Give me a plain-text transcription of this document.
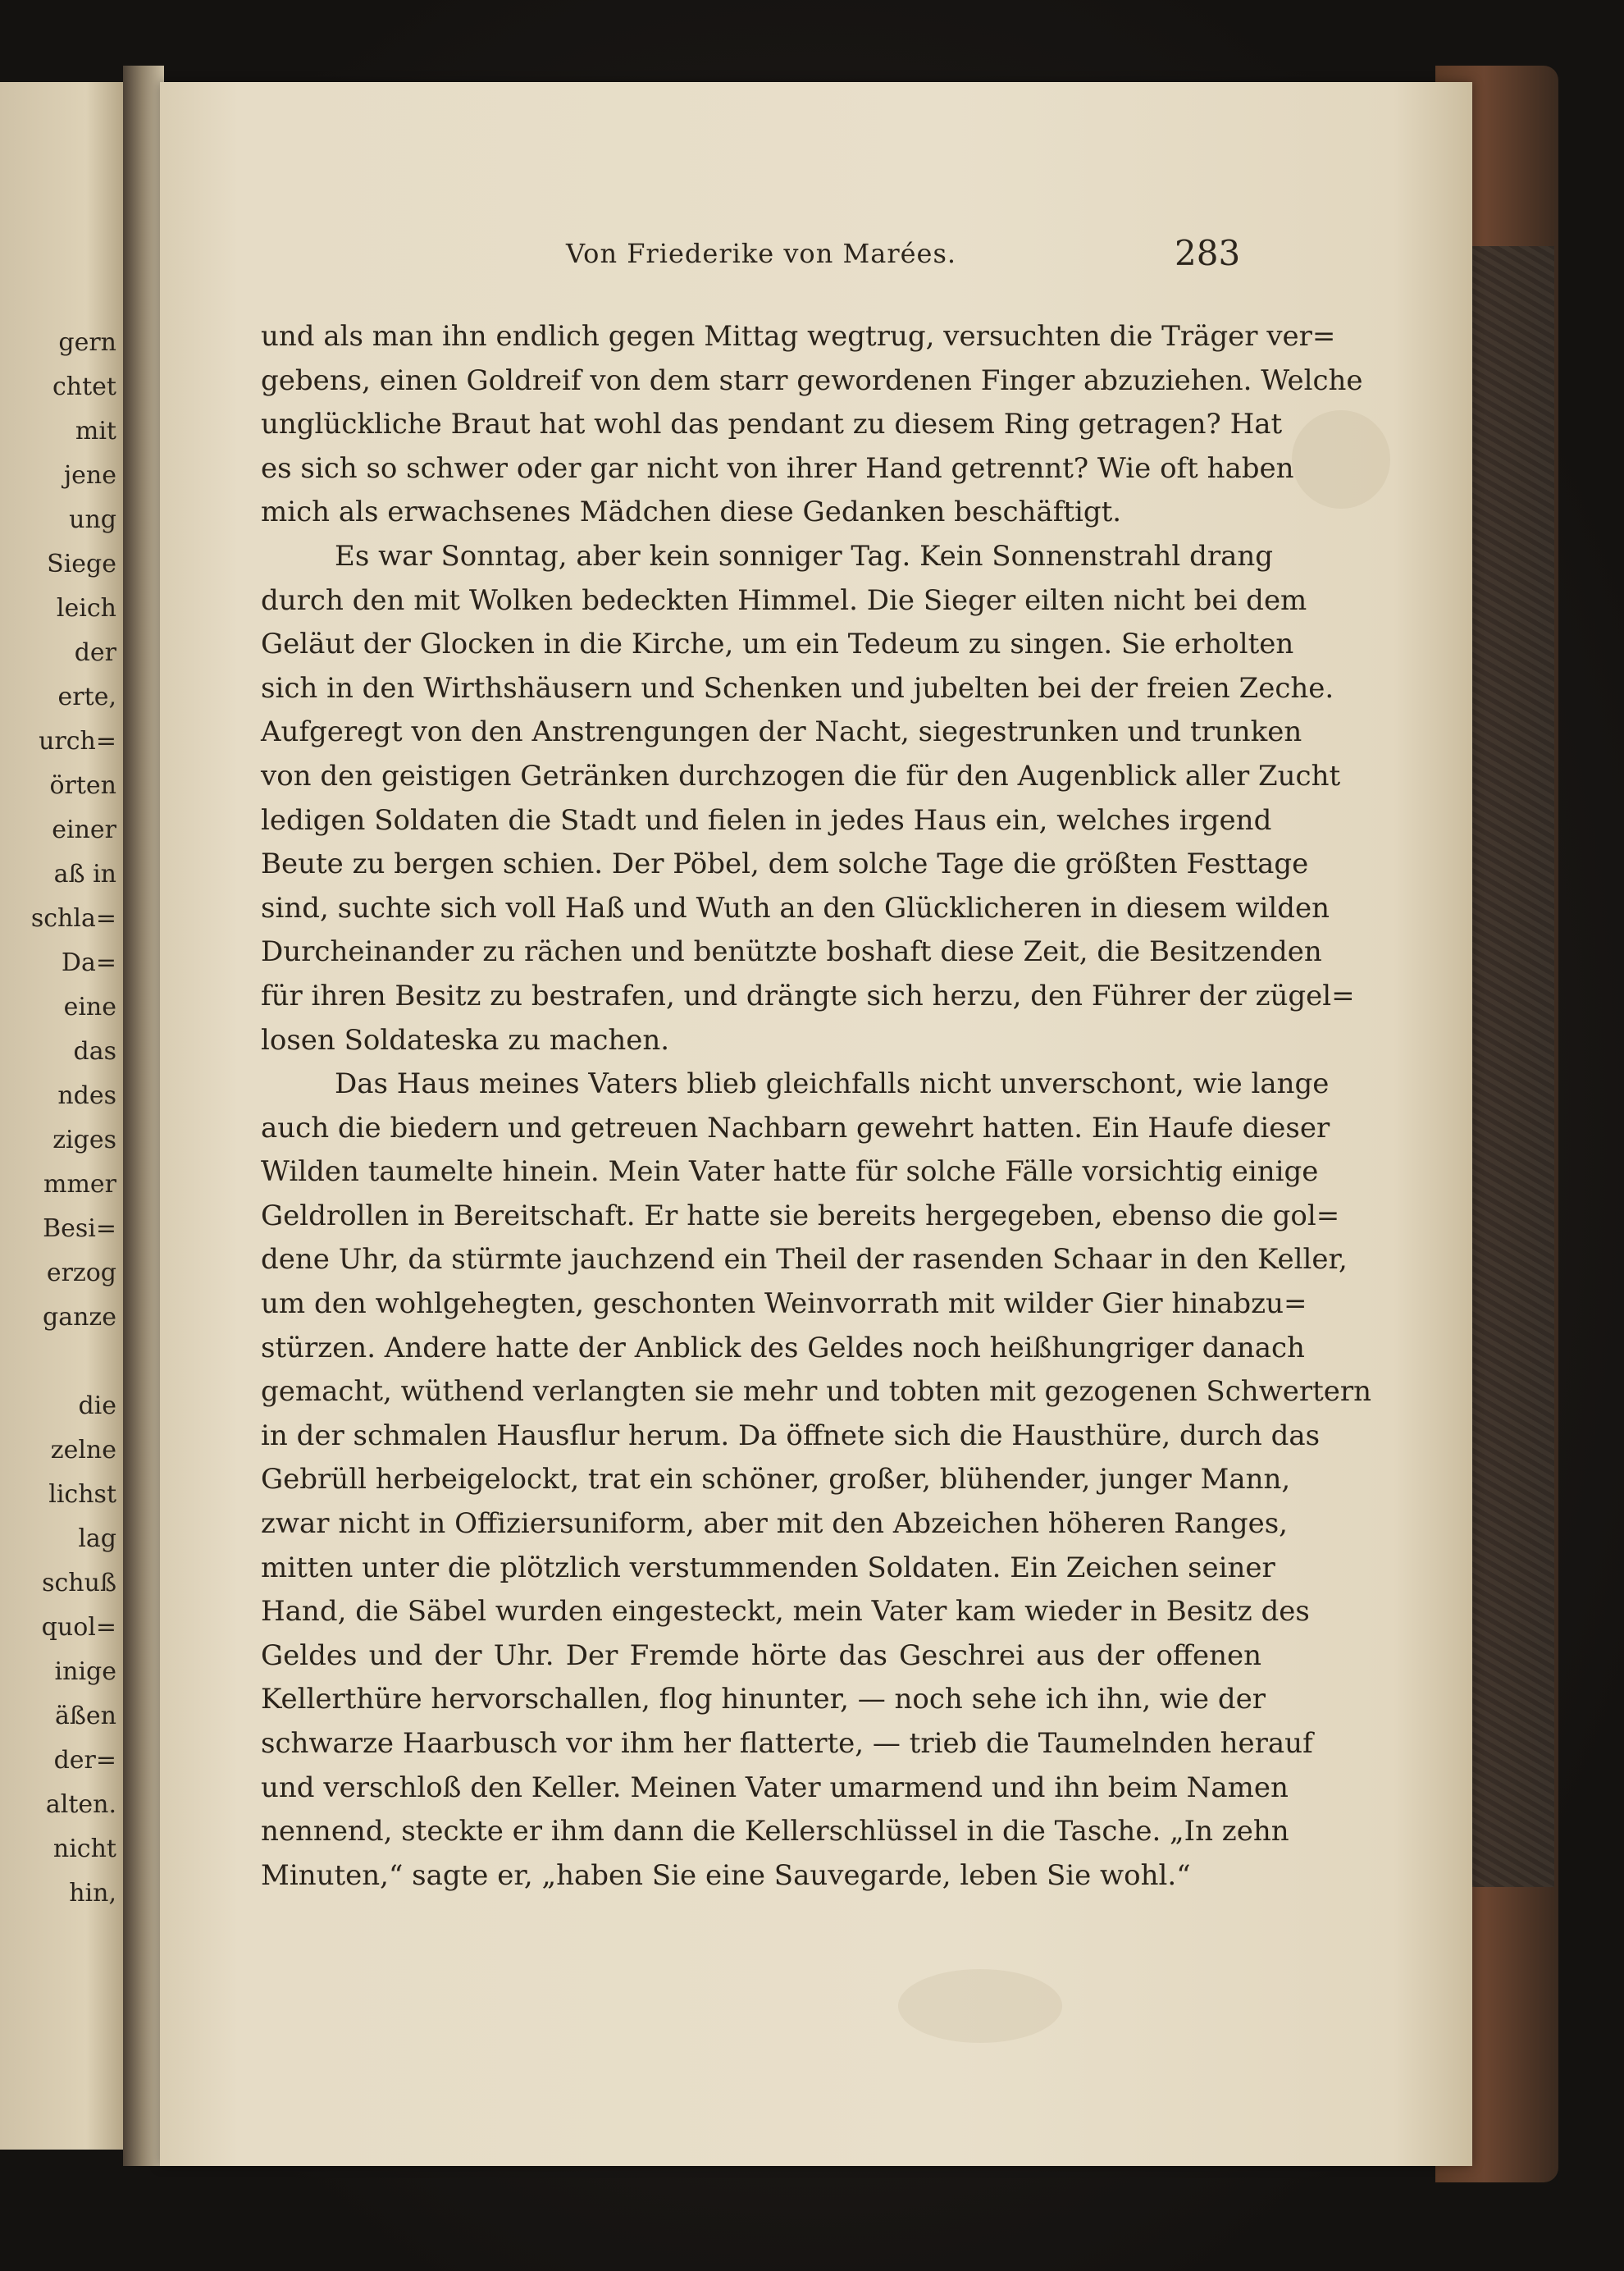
gern
chtet
mit
jene
ung
Siege
leich
der
erte,
urch=
örten
einer
aß in
schla=
Da=
eine
das
ndes
ziges
mmer
Besi=
erzog
ganze
die
zelne
lichst
lag
schuß
quol=
inige
äßen
der=
alten.
nicht
hin,
Von Friederike von Marées.	283
und als man ihn endlich gegen Mittag wegtrug, versuchten die Träger ver=
gebens, einen Goldreif von dem starr gewordenen Finger abzuziehen. Welche
unglückliche Braut hat wohl das pendant zu diesem Ring getragen? Hat
es sich so schwer oder gar nicht von ihrer Hand getrennt? Wie oft haben
mich als erwachsenes Mädchen diese Gedanken beschäftigt.
Es war Sonntag, aber kein sonniger Tag. Kein Sonnenstrahl drang
durch den mit Wolken bedeckten Himmel. Die Sieger eilten nicht bei dem
Geläut der Glocken in die Kirche, um ein Tedeum zu singen. Sie erholten
sich in den Wirthshäusern und Schenken und jubelten bei der freien Zeche.
Aufgeregt von den Anstrengungen der Nacht, siegestrunken und trunken
von den geistigen Getränken durchzogen die für den Augenblick aller Zucht
ledigen Soldaten die Stadt und fielen in jedes Haus ein, welches irgend
Beute zu bergen schien. Der Pöbel, dem solche Tage die größten Festtage
sind, suchte sich voll Haß und Wuth an den Glücklicheren in diesem wilden
Durcheinander zu rächen und benützte boshaft diese Zeit, die Besitzenden
für ihren Besitz zu bestrafen, und drängte sich herzu, den Führer der zügel=
losen Soldateska zu machen.
Das Haus meines Vaters blieb gleichfalls nicht unverschont, wie lange
auch die biedern und getreuen Nachbarn gewehrt hatten. Ein Haufe dieser
Wilden taumelte hinein. Mein Vater hatte für solche Fälle vorsichtig einige
Geldrollen in Bereitschaft. Er hatte sie bereits hergegeben, ebenso die gol=
dene Uhr, da stürmte jauchzend ein Theil der rasenden Schaar in den Keller,
um den wohlgehegten, geschonten Weinvorrath mit wilder Gier hinabzu=
stürzen. Andere hatte der Anblick des Geldes noch heißhungriger danach
gemacht, wüthend verlangten sie mehr und tobten mit gezogenen Schwertern
in der schmalen Hausflur herum. Da öffnete sich die Hausthüre, durch das
Gebrüll herbeigelockt, trat ein schöner, großer, blühender, junger Mann,
zwar nicht in Offiziersuniform, aber mit den Abzeichen höheren Ranges,
mitten unter die plötzlich verstummenden Soldaten. Ein Zeichen seiner
Hand, die Säbel wurden eingesteckt, mein Vater kam wieder in Besitz des
Geldes und der Uhr. Der Fremde hörte das Geschrei aus der offenen
Kellerthüre hervorschallen, flog hinunter, — noch sehe ich ihn, wie der
schwarze Haarbusch vor ihm her flatterte, — trieb die Taumelnden herauf
und verschloß den Keller. Meinen Vater umarmend und ihn beim Namen
nennend, steckte er ihm dann die Kellerschlüssel in die Tasche. „In zehn
Minuten,“ sagte er, „haben Sie eine Sauvegarde, leben Sie wohl.“
